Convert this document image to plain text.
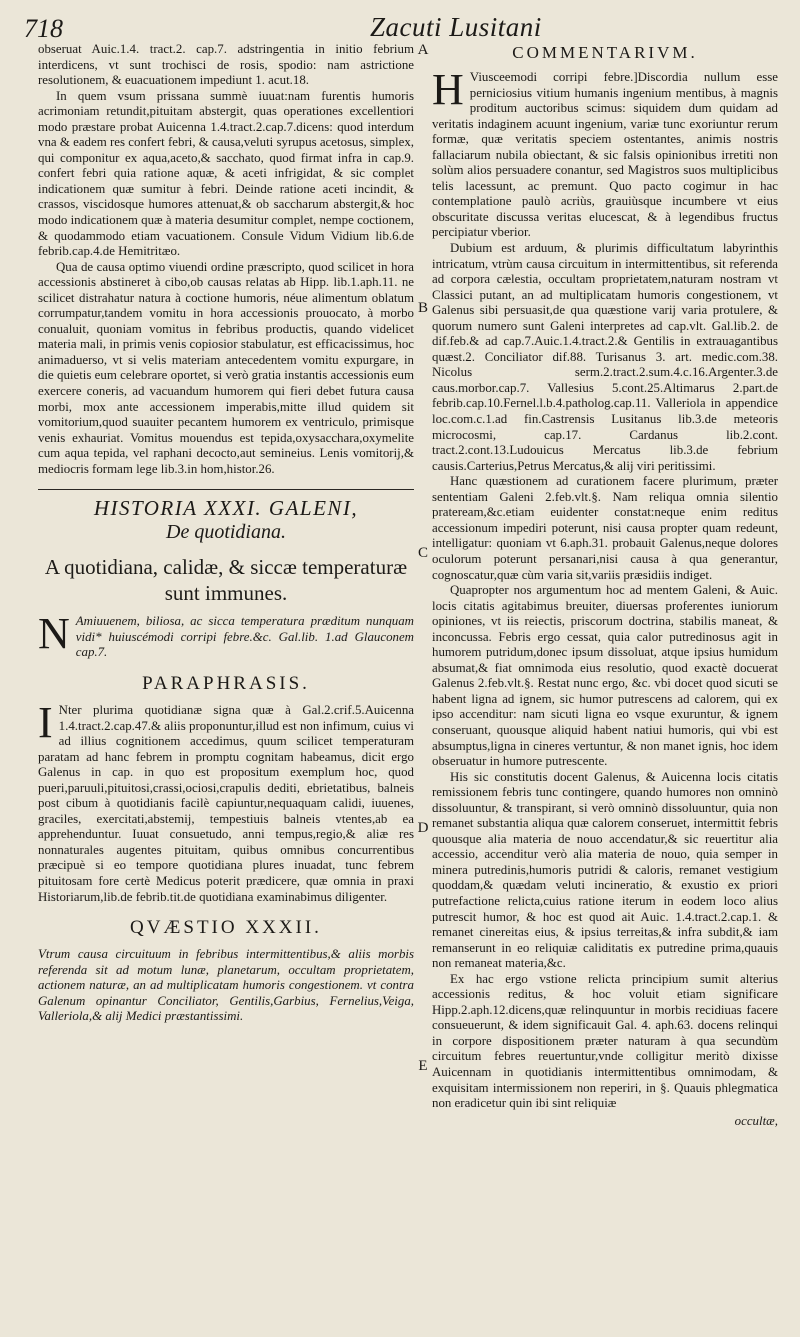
718	Zacuti Lusitani
A
B
C
D
E

obseruat Auic.1.4. tract.2. cap.7. adstringentia in initio febrium interdicens, vt sunt trochisci de rosis, spodio: nam astrictione resolutionem, & euacuationem impediunt 1. acut.18.

In quem vsum prissana summè iuuat:nam furentis humoris acrimoniam retundit,pituitam abstergit, quas operationes excellentiori modo præstare probat Auicenna 1.4.tract.2.cap.7.dicens: quod interdum vna & eadem res confert febri, & causa,veluti syrupus acetosus, simplex, qui componitur ex aqua,aceto,& sacchato, quod firmat infra in cap.9. confert febri quia ratione aquæ, & aceti infrigidat, & sic complet indicationem quæ sumitur à febri. Deinde ratione aceti incindit, & crassos, viscidosque humores attenuat,& ob saccharum abstergit,& hoc modo indicationem quæ à materia desumitur complet, nempe coctionem, & quodammodo etiam vacuationem. Consule Vidum Vidium lib.6.de febrib.cap.4.de Hemitritæo.

Qua de causa optimo viuendi ordine præscripto, quod scilicet in hora accessionis abstineret à cibo,ob causas relatas ab Hipp. lib.1.aph.11. ne scilicet distrahatur natura à coctione humoris, néue alimentum oblatum corrumpatur,tandem vomitu in hora accessionis prouocato, à morbo conualuit, quoniam vomitus in febribus productis, quando videlicet materia mali, in primis venis copiosior stabulatur, est efficacissimus, hoc animaduerso, vt si velis materiam antecedentem vomitu expurgare, in die quietis eum celebrare oportet, si verò gratia instantis accessionis eum exercere coneris, ad vacuandum humorem qui fieri debet futura causa morbi, mox ante accessionem imperabis,mitte illud quidem sit vomitorium,quod suauiter pecantem humorem ex ventriculo, primisque venis exhauriat. Vomitus mouendus est tepida,oxysacchara,oxymelite cum aqua tepida, vel raphani decocto,aut semineius. Lenis vomitorij,& mediocris formam lege lib.3.in hom,histor.26.

HISTORIA XXXI. GALENI,
De quotidiana.
A quotidiana, calidæ, & siccæ temperaturæ sunt immunes.
N Amiuuenem, biliosa, ac sicca temperatura præditum nunquam vidi* huiuscémodi corripi febre.&c. Gal.lib. 1.ad Glauconem cap.7.

PARAPHRASIS.
I Nter plurima quotidianæ signa quæ à Gal.2.crif.5.Auicenna 1.4.tract.2.cap.47.& aliis proponuntur,illud est non infimum, cuius vi ad illius cognitionem accedimus, quum scilicet temperaturam paratam ad hanc febrem in promptu cognitam habeamus, dicit ergo Galenus in cap. in quo est propositum exemplum hoc, quod pueri,paruuli,pituitosi,crassi,ociosi,crapulis dediti, ebrietatibus, balneis post cibum à quotidianis facilè capiuntur,nequaquam calidi, iuuenes, graciles, exercitati,abstemij, tempestiuis balneis vtentes,ab ea apprehenduntur. Iuuat consuetudo, anni tempus,regio,& aliæ res nonnaturales augentes pituitam, quibus omnibus concurrentibus præcipuè si eo tempore quotidiana plures inuadat, tunc febrem pituitosam fore certè Medicus poterit prædicere, quæ omnia in praxi Historiarum,lib.de febrib.tit.de quotidiana examinabimus diligenter.

QVÆSTIO XXXII.

Vtrum causa circuituum in febribus intermittentibus,& aliis morbis referenda sit ad motum lunæ, planetarum, occultam proprietatem, actionem naturæ, an ad multiplicatam humoris congestionem. vt contra Galenum opinantur Conciliator, Gentilis,Garbius, Fernelius,Veiga, Valleriola,& alij Medici præstantissimi.

COMMENTARIVM.
H Viusceemodi corripi febre.]Discordia nullum esse perniciosius vitium humanis ingenium mentibus, à magnis proditum auctoribus scimus: siquidem dum quidam ad veritatis indaginem acuunt ingenium, variæ tunc exoriuntur rerum formæ, quæ veritatis speciem ostentantes, animis nostris fallaciarum nubila obiectant, & sic falsis opinionibus irretiti non solùm alios persuadere conantur, sed Magistros suos multiplicibus telis lacessunt, ac premunt. Quo pacto cogimur in hac contemplatione paulò acriùs, grauiùsque incumbere vt eius obscuritate discussa veritas elucescat, & à legendibus fructus percipiatur vberior.

Dubium est arduum, & plurimis difficultatum labyrinthis intricatum, vtrùm causa circuitum in intermittentibus, sit referenda ad corpora cælestia, occultam proprietatem,naturam nostram vt Classici putant, an ad multiplicatam humoris congestionem, vt Galenus sibi persuasit,de qua quæstione varij varia protulere, & quorum numero sunt Galeni interpretes ad cap.vlt. Gal.lib.2. de dif.feb.& ad cap.7.Auic.1.4.tract.2.& Gentilis in extrauagantibus quæst.2. Conciliator dif.88. Turisanus 3. art. medic.com.38. Nicolus serm.2.tract.2.sum.4.c.16.Argenter.3.de caus.morbor.cap.7. Vallesius 5.cont.25.Altimarus 2.part.de febrib.cap.10.Fernel.l.b.4.patholog.cap.11. Valleriola in appendice loc.com.c.1.ad fin.Castrensis Lusitanus lib.3.de meteoris microcosmi, cap.17. Cardanus lib.2.cont. tract.2.cont.13.Ludouicus Mercatus lib.3.de febrium causis.Carterius,Petrus Mercatus,& alij viri peritissimi.

Hanc quæstionem ad curationem facere plurimum, præter sententiam Galeni 2.feb.vlt.§. Nam reliqua omnia silentio prateream,&c.etiam euidenter constat:neque enim reditus accessionum impediri poterunt, nisi causa propter quam redeunt, intelligatur: quoniam vt 6.aph.31. probauit Galenus,neque dolores oculorum poterunt persanari,nisi causa à qua generantur, cognoscatur,quæ cùm varia sit,variis præsidiis indiget.

Quapropter nos argumentum hoc ad mentem Galeni, & Auic. locis citatis agitabimus breuiter, diuersas proferentes iuniorum opiniones, vt iis reiectis, priscorum doctrina, stabilis maneat, & inconcussa. Febris ergo cessat, quia calor putredinosus agit in humorem putridum,donec ipsum dissoluat, atque ipsius humidum absumat,& fiat omnimoda eius resolutio, quod exactè docuerat Galenus 2.feb.vlt.§. Restat nunc ergo, &c. vbi docet quod sicuti se habent ligna ad ignem, sic humor putrescens ad calorem, qui ex ipso accenditur: nam sicuti ligna eo vsque exuruntur, & ignem conseruant, quousque aliquid habent natiui humoris, qui vbi est absumptus,ligna in cineres vertuntur, & non manet ignis, hoc idem obseruatur in humore putrescente.

His sic constitutis docent Galenus, & Auicenna locis citatis remissionem febris tunc contingere, quando humores non omninò dissoluuntur, & transpirant, si verò omninò dissoluuntur, quia non remanet substantia aliqua quæ calorem conseruet, intermittit febris quousque alia materia de nouo accendatur,& sic reuertitur alia accessio, accenditur verò alia materia de nouo, quia semper in minera putredinis,humoris putridi & caloris, remanet vestigium quoddam,& quædam veluti incineratio, & exustio ex priori putrefactione relicta,cuius ratione iterum in eodem loco alius putrescit humor, & hoc est quod ait Auic. 1.4.tract.2.cap.1. & remanet cinereitas eius, & ipsius terreitas,& infra subdit,& iam remanserunt in eo reliquiæ caliditatis ex putredine prima,quauis non remaneat materia,&c.

Ex hac ergo vstione relicta principium sumit alterius accessionis reditus, & hoc voluit etiam significare Hipp.2.aph.12.dicens,quæ relinquuntur in morbis recidiuas facere consueuerunt, & idem significauit Gal. 4. aph.63. docens relinqui in corpore dispositionem præter naturam à qua secundùm circuitum febres reuertuntur,vnde colligitur meritò dixisse Auicennam in quotidianis intermittentibus omnimodam, & exquisitam intermissionem non reperiri, in §. Quauis phlegmatica non eradicetur quin ibi sint reliquiæ

occultæ,
